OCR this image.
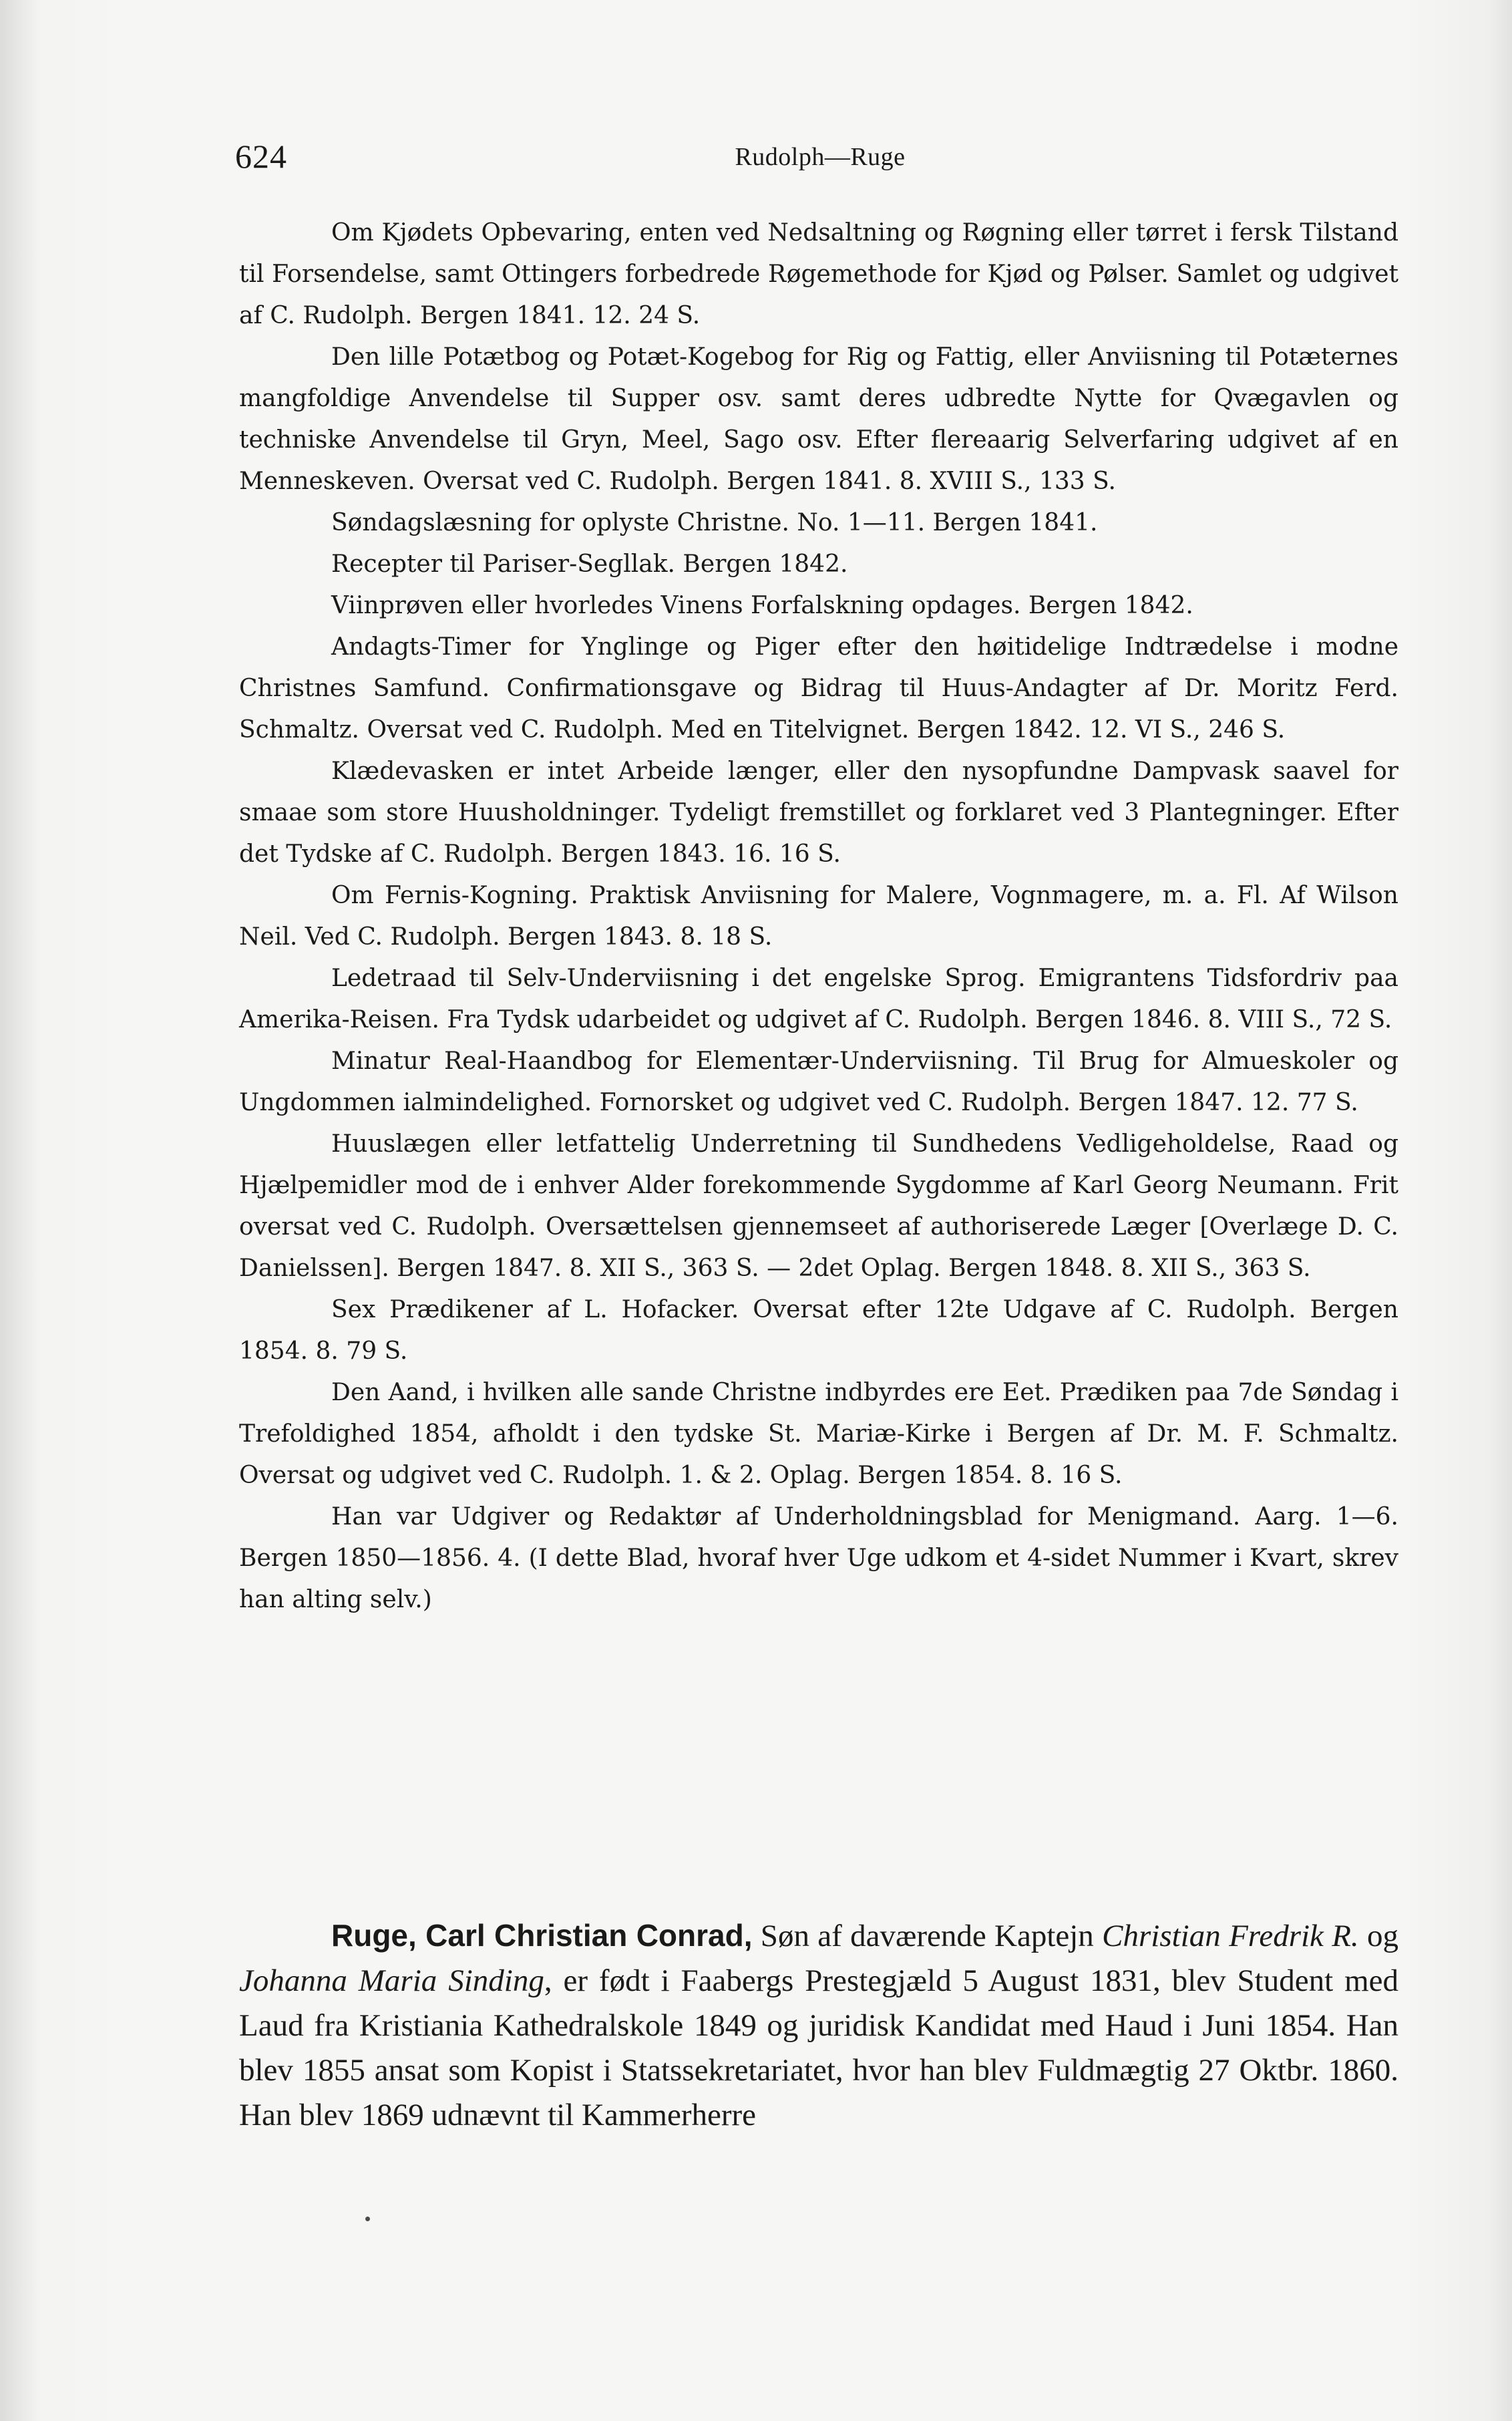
624	Rudolph—Ruge

Om Kjødets Opbevaring, enten ved Nedsaltning og Røgning eller tørret i fersk Tilstand til Forsendelse, samt Ottingers forbedrede Røgemethode for Kjød og Pølser. Samlet og udgivet af C. Rudolph. Bergen 1841. 12. 24 S.

Den lille Potætbog og Potæt-Kogebog for Rig og Fattig, eller Anviisning til Potæternes mangfoldige Anvendelse til Supper osv. samt deres udbredte Nytte for Qvægavlen og techniske Anvendelse til Gryn, Meel, Sago osv. Efter flereaarig Selverfaring udgivet af en Menneskeven. Oversat ved C. Rudolph. Bergen 1841. 8. XVIII S., 133 S.

Søndagslæsning for oplyste Christne. No. 1—11. Bergen 1841.

Recepter til Pariser-Segllak. Bergen 1842.

Viinprøven eller hvorledes Vinens Forfalskning opdages. Bergen 1842.

Andagts-Timer for Ynglinge og Piger efter den høitidelige Indtrædelse i modne Christnes Samfund. Confirmationsgave og Bidrag til Huus-Andagter af Dr. Moritz Ferd. Schmaltz. Oversat ved C. Rudolph. Med en Titelvignet. Bergen 1842. 12. VI S., 246 S.

Klædevasken er intet Arbeide længer, eller den nysopfundne Dampvask saavel for smaae som store Huusholdninger. Tydeligt fremstillet og forklaret ved 3 Plantegninger. Efter det Tydske af C. Rudolph. Bergen 1843. 16. 16 S.

Om Fernis-Kogning. Praktisk Anviisning for Malere, Vognmagere, m. a. Fl. Af Wilson Neil. Ved C. Rudolph. Bergen 1843. 8. 18 S.

Ledetraad til Selv-Underviisning i det engelske Sprog. Emigrantens Tidsfordriv paa Amerika-Reisen. Fra Tydsk udarbeidet og udgivet af C. Rudolph. Bergen 1846. 8. VIII S., 72 S.

Minatur Real-Haandbog for Elementær-Underviisning. Til Brug for Almueskoler og Ungdommen ialmindelighed. Fornorsket og udgivet ved C. Rudolph. Bergen 1847. 12. 77 S.

Huuslægen eller letfattelig Underretning til Sundhedens Vedligeholdelse, Raad og Hjælpemidler mod de i enhver Alder forekommende Sygdomme af Karl Georg Neumann. Frit oversat ved C. Rudolph. Oversættelsen gjennemseet af authoriserede Læger [Overlæge D. C. Danielssen]. Bergen 1847. 8. XII S., 363 S. — 2det Oplag. Bergen 1848. 8. XII S., 363 S.

Sex Prædikener af L. Hofacker. Oversat efter 12te Udgave af C. Rudolph. Bergen 1854. 8. 79 S.

Den Aand, i hvilken alle sande Christne indbyrdes ere Eet. Prædiken paa 7de Søndag i Trefoldighed 1854, afholdt i den tydske St. Mariæ-Kirke i Bergen af Dr. M. F. Schmaltz. Oversat og udgivet ved C. Rudolph. 1. & 2. Oplag. Bergen 1854. 8. 16 S.

Han var Udgiver og Redaktør af Underholdningsblad for Menigmand. Aarg. 1—6. Bergen 1850—1856. 4. (I dette Blad, hvoraf hver Uge udkom et 4-sidet Nummer i Kvart, skrev han alting selv.)

Ruge, Carl Christian Conrad, Søn af daværende Kaptejn Christian Fredrik R. og Johanna Maria Sinding, er født i Faabergs Prestegjæld 5 August 1831, blev Student med Laud fra Kristiania Kathedralskole 1849 og juridisk Kandidat med Haud i Juni 1854. Han blev 1855 ansat som Kopist i Statssekretariatet, hvor han blev Fuldmægtig 27 Oktbr. 1860. Han blev 1869 udnævnt til Kammerherre
